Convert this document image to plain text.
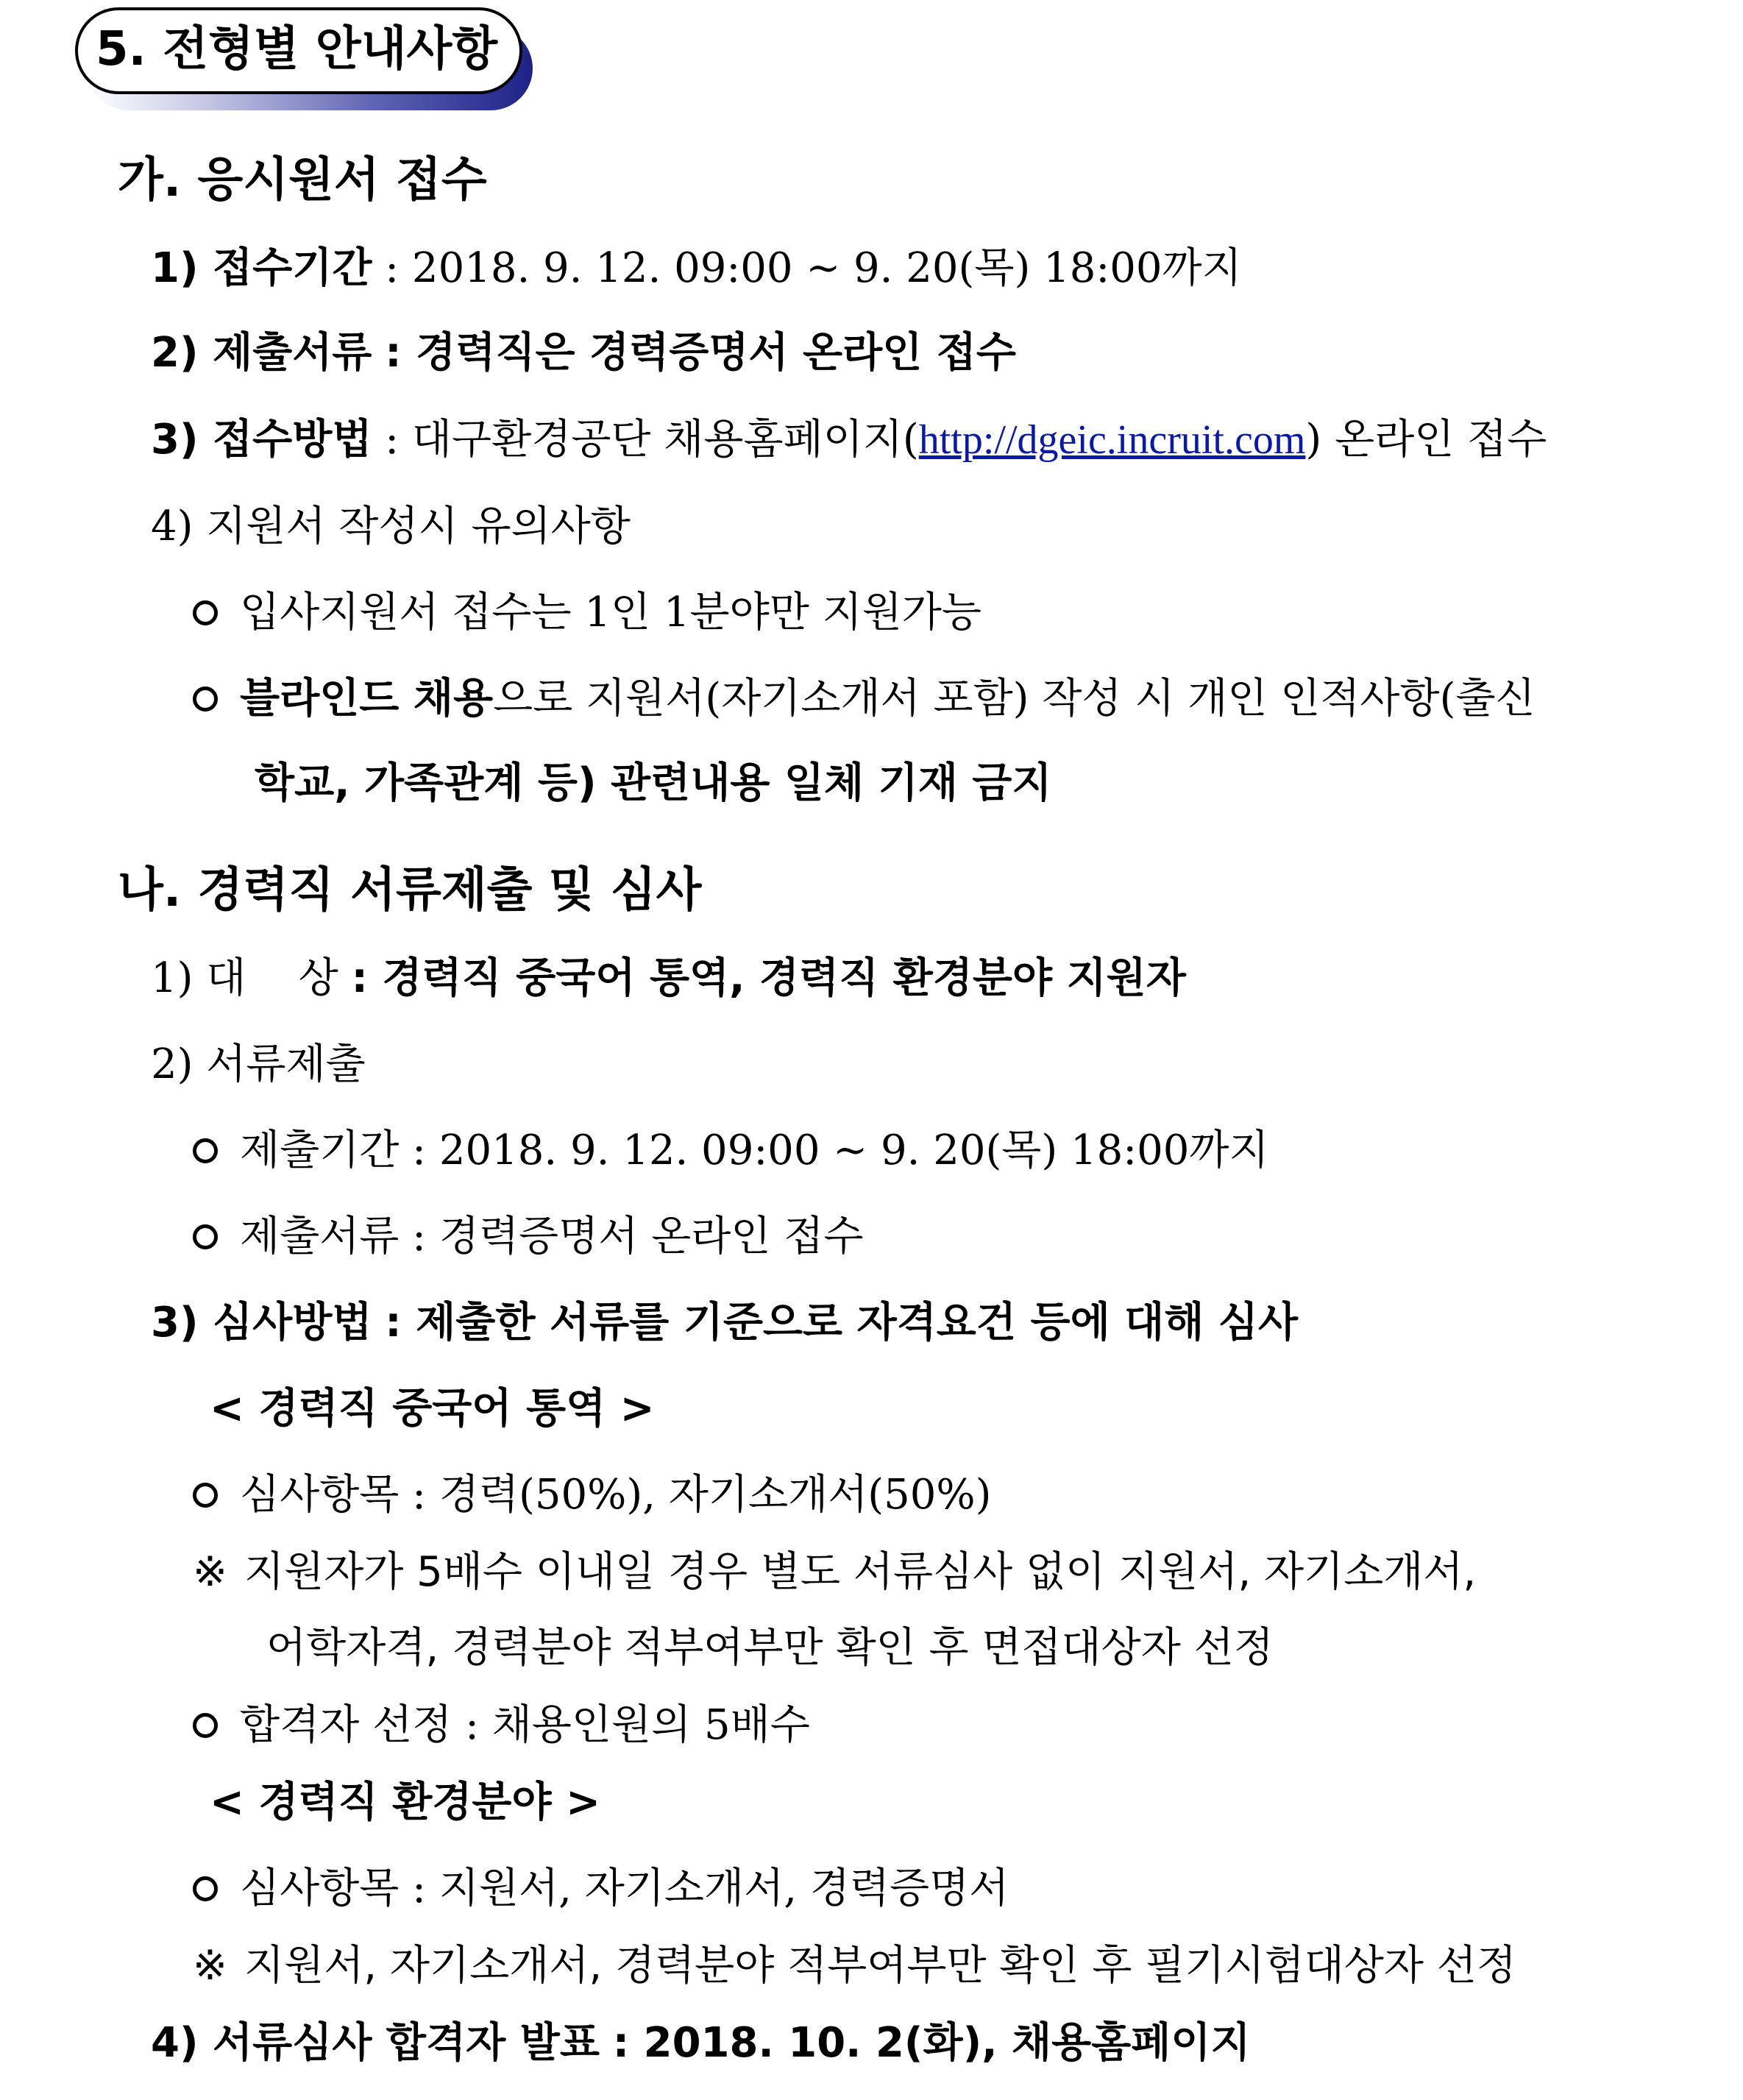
5. 전형별 안내사항
가. 응시원서 접수
1) 접수기간 : 2018. 9. 12. 09:00 ~ 9. 20(목) 18:00까지
2) 제출서류 : 경력직은 경력증명서 온라인 접수
3) 접수방법 : 대구환경공단 채용홈페이지(http://dgeic.incruit.com) 온라인 접수
4) 지원서 작성시 유의사항
입사지원서 접수는 1인 1분야만 지원가능
블라인드 채용으로 지원서(자기소개서 포함) 작성 시 개인 인적사항(출신
학교, 가족관계 등) 관련내용 일체 기재 금지
나. 경력직 서류제출 및 심사
1) 대    상 : 경력직 중국어 통역, 경력직 환경분야 지원자
2) 서류제출
제출기간 : 2018. 9. 12. 09:00 ~ 9. 20(목) 18:00까지
제출서류 : 경력증명서 온라인 접수
3) 심사방법 : 제출한 서류를 기준으로 자격요건 등에 대해 심사
< 경력직 중국어 통역 >
심사항목 : 경력(50%), 자기소개서(50%)
※ 지원자가 5배수 이내일 경우 별도 서류심사 없이 지원서, 자기소개서,
어학자격, 경력분야 적부여부만 확인 후 면접대상자 선정
합격자 선정 : 채용인원의 5배수
< 경력직 환경분야 >
심사항목 : 지원서, 자기소개서, 경력증명서
※ 지원서, 자기소개서, 경력분야 적부여부만 확인 후 필기시험대상자 선정
4) 서류심사 합격자 발표 : 2018. 10. 2(화), 채용홈페이지
